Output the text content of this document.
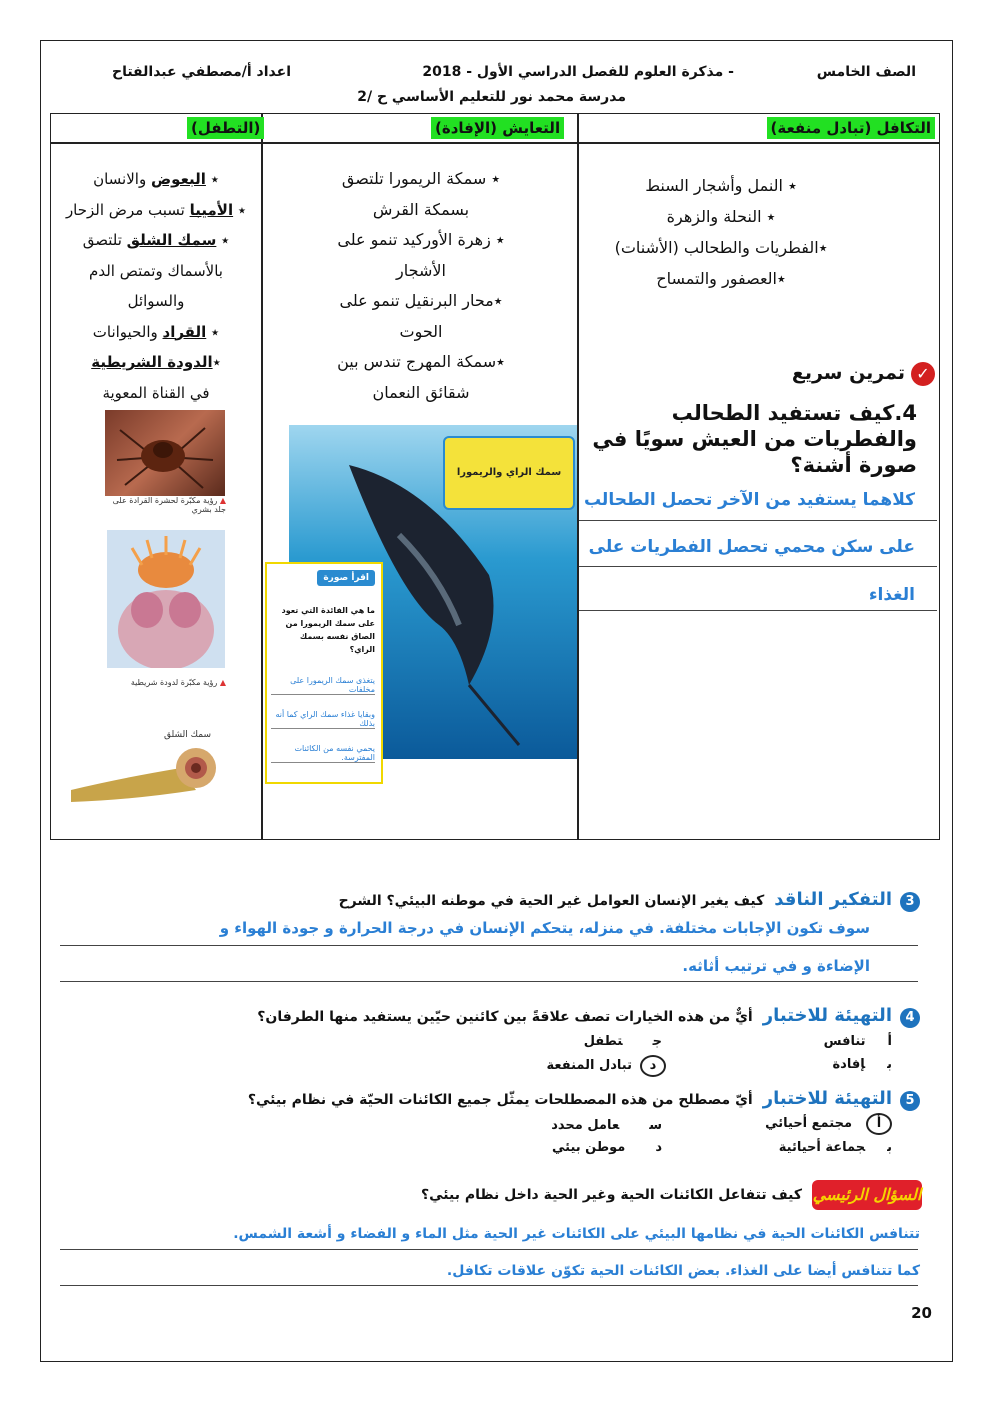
الصف الخامس
- مذكرة العلوم للفصل الدراسي الأول - 2018
اعداد أ/مصطفي عبدالفتاح
مدرسة محمد نور للتعليم الأساسي ح /2
التكافل (تبادل منفعة)
التعايش (الإفادة)
(التطفل)

٭ النمل وأشجار السنط

٭ النحلة والزهرة

٭الفطريات والطحالب (الأشنات)

٭العصفور والتمساح

٭ سمكة الريمورا تلتصق

بسمكة القرش

٭ زهرة الأوركيد تنمو على

الأشجار

٭محار البرنقيل تنمو على

الحوت

٭سمكة المهرج تندس بين

شقائق النعمان

٭ البعوض والانسان

٭ الأميبا تسبب مرض الزحار

٭ سمك الشلق تلتصق

بالأسماك وتمتص الدم

والسوائل

٭ القراد والحيوانات

٭الدودة الشريطية

في القناة المعوية

▲ رؤية مكبّرة لحشرة القرادة على جلد بشري
▲ رؤية مكبّرة لدودة شريطية
سمك الشلق
سمك الراي والريمورا
اقرأ صورة
ما هي الفائدة التي تعود على سمك الريمورا من الصاق نفسه بسمك الراي؟
يتغذى سمك الريمورا على مخلفات
وبقايا غذاء سمك الراي كما أنه بذلك
يحمي نفسه من الكائنات المفترسة.
✓تمرين سريع
4.كيف تستفيد الطحالب
والفطريات من العيش سويًا في
صورة أشنة؟
كلاهما يستفيد من الآخر تحصل الطحالب
على سكن محمي تحصل الفطريات على
الغذاء
3التفكير الناقدكيف يغير الإنسان العوامل غير الحية في موطنه البيئي؟ الشرح
سوف تكون الإجابات مختلفة. في منزله، يتحكم الإنسان في درجة الحرارة و جودة الهواء و
الإضاءة و في ترتيب أثاثه.
4التهيئة للاختبارأيٌّ من هذه الخيارات تصف علاقةً بين كائنين حيّين يستفيد منها الطرفان؟
أتنافس
بإفادة
جتطفل
دتبادل المنفعة
5التهيئة للاختبارأيّ مصطلح من هذه المصطلحات يمثّل جميع الكائنات الحيّة في نظام بيئي؟
أمجتمع أحيائي
بجماعة أحيائية
سعامل محدد
دموطن بيئي
السؤال الرئيسي
كيف تتفاعل الكائنات الحية وغير الحية داخل نظام بيئي؟
تتنافس الكائنات الحية في نظامها البيئي على الكائنات غير الحية مثل الماء و الفضاء و أشعة الشمس.
كما تتنافس أيضا على الغذاء. بعض الكائنات الحية تكوّن علاقات تكافل.
20
